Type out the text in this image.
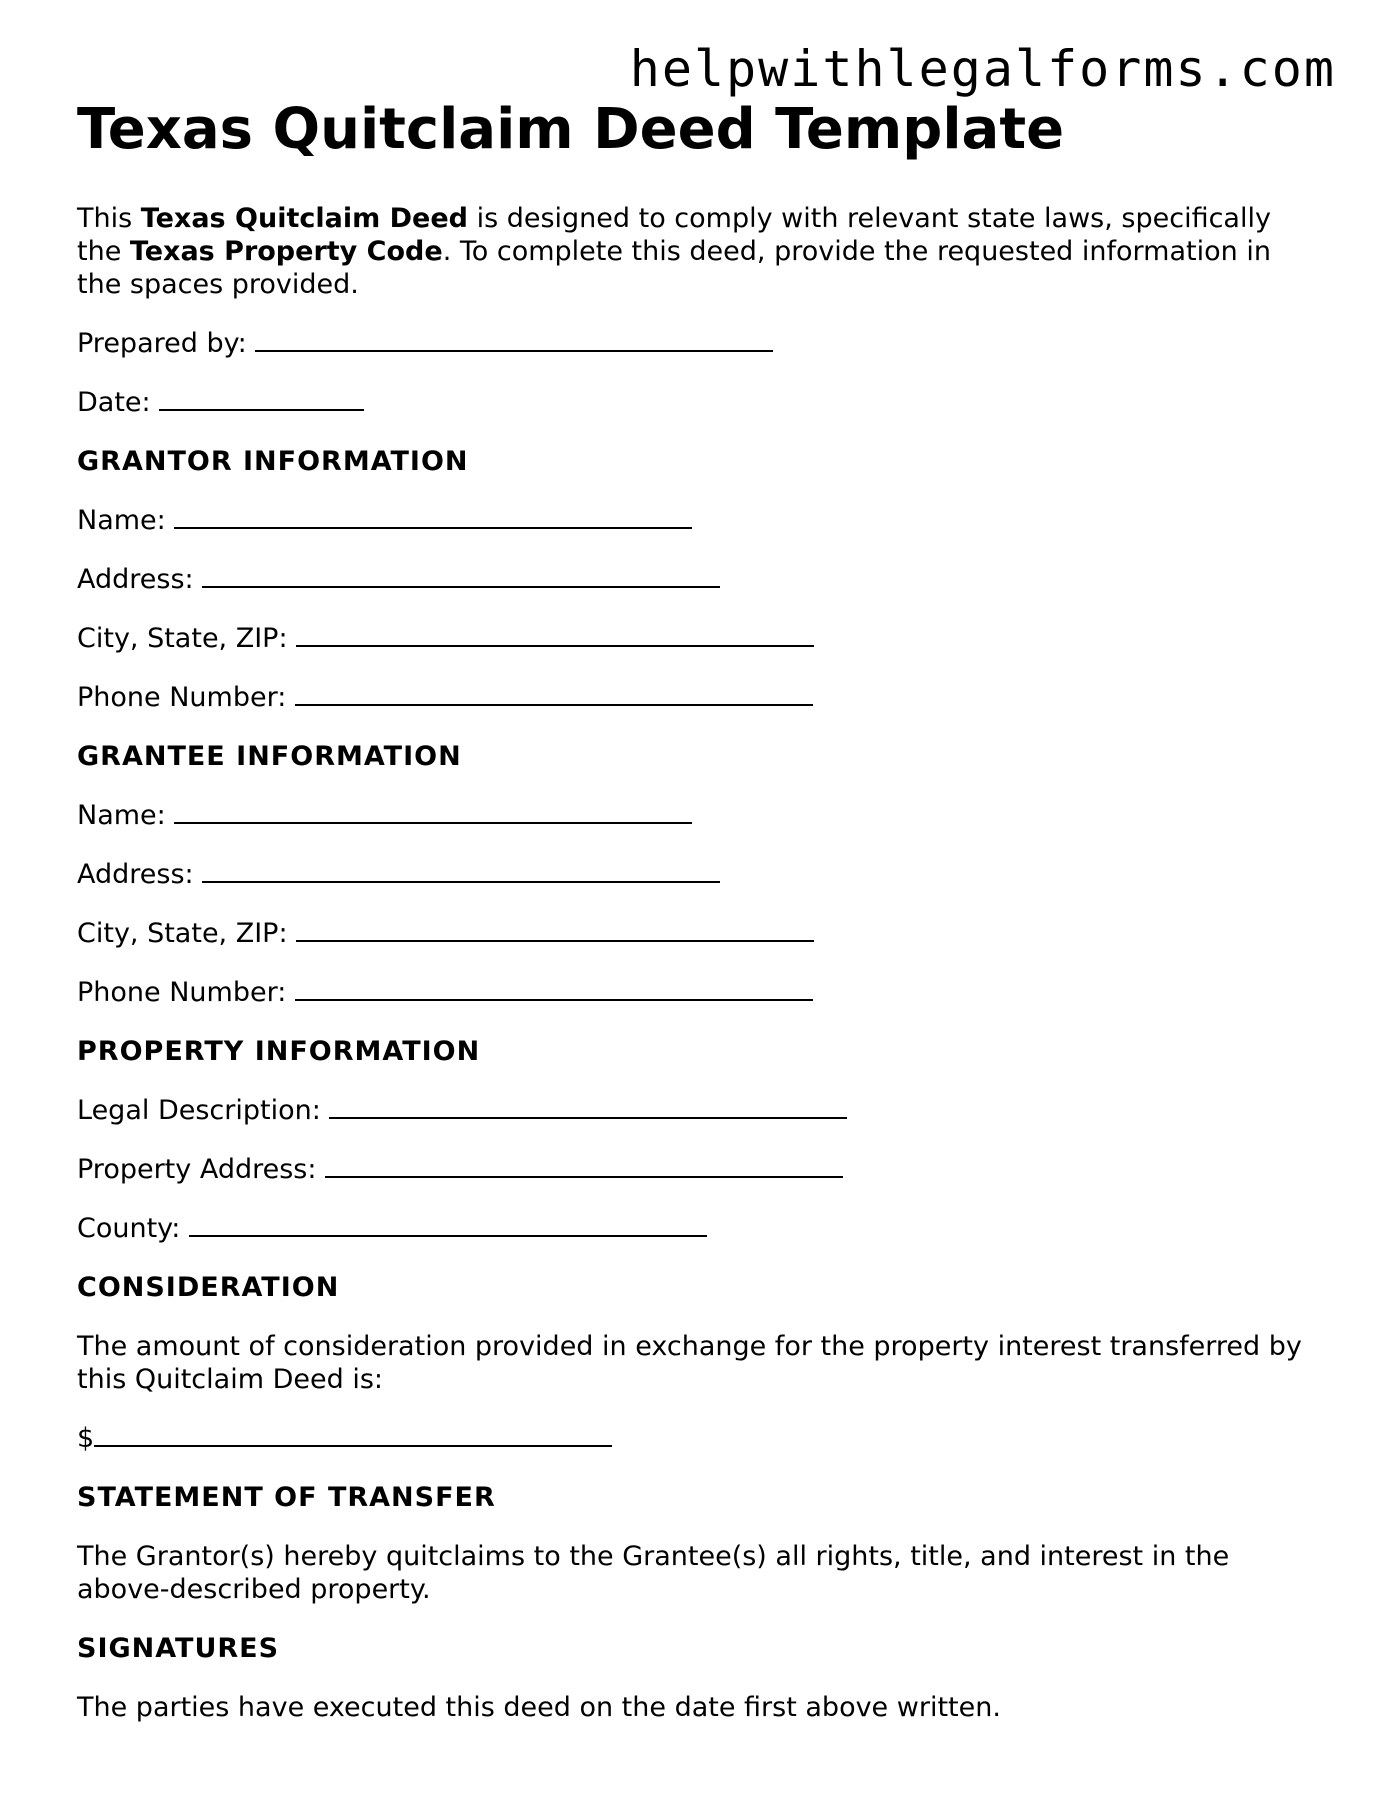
helpwithlegalforms.com
Texas Quitclaim Deed Template

This Texas Quitclaim Deed is designed to comply with relevant state laws, specifically the Texas Property Code. To complete this deed, provide the requested information in the spaces provided.

Prepared by:
Date:
GRANTOR INFORMATION
Name:
Address:
City, State, ZIP:
Phone Number:
GRANTEE INFORMATION
Name:
Address:
City, State, ZIP:
Phone Number:
PROPERTY INFORMATION
Legal Description:
Property Address:
County:
CONSIDERATION
The amount of consideration provided in exchange for the property interest transferred by this Quitclaim Deed is:
$
STATEMENT OF TRANSFER
The Grantor(s) hereby quitclaims to the Grantee(s) all rights, title, and interest in the above-described property.
SIGNATURES
The parties have executed this deed on the date first above written.
